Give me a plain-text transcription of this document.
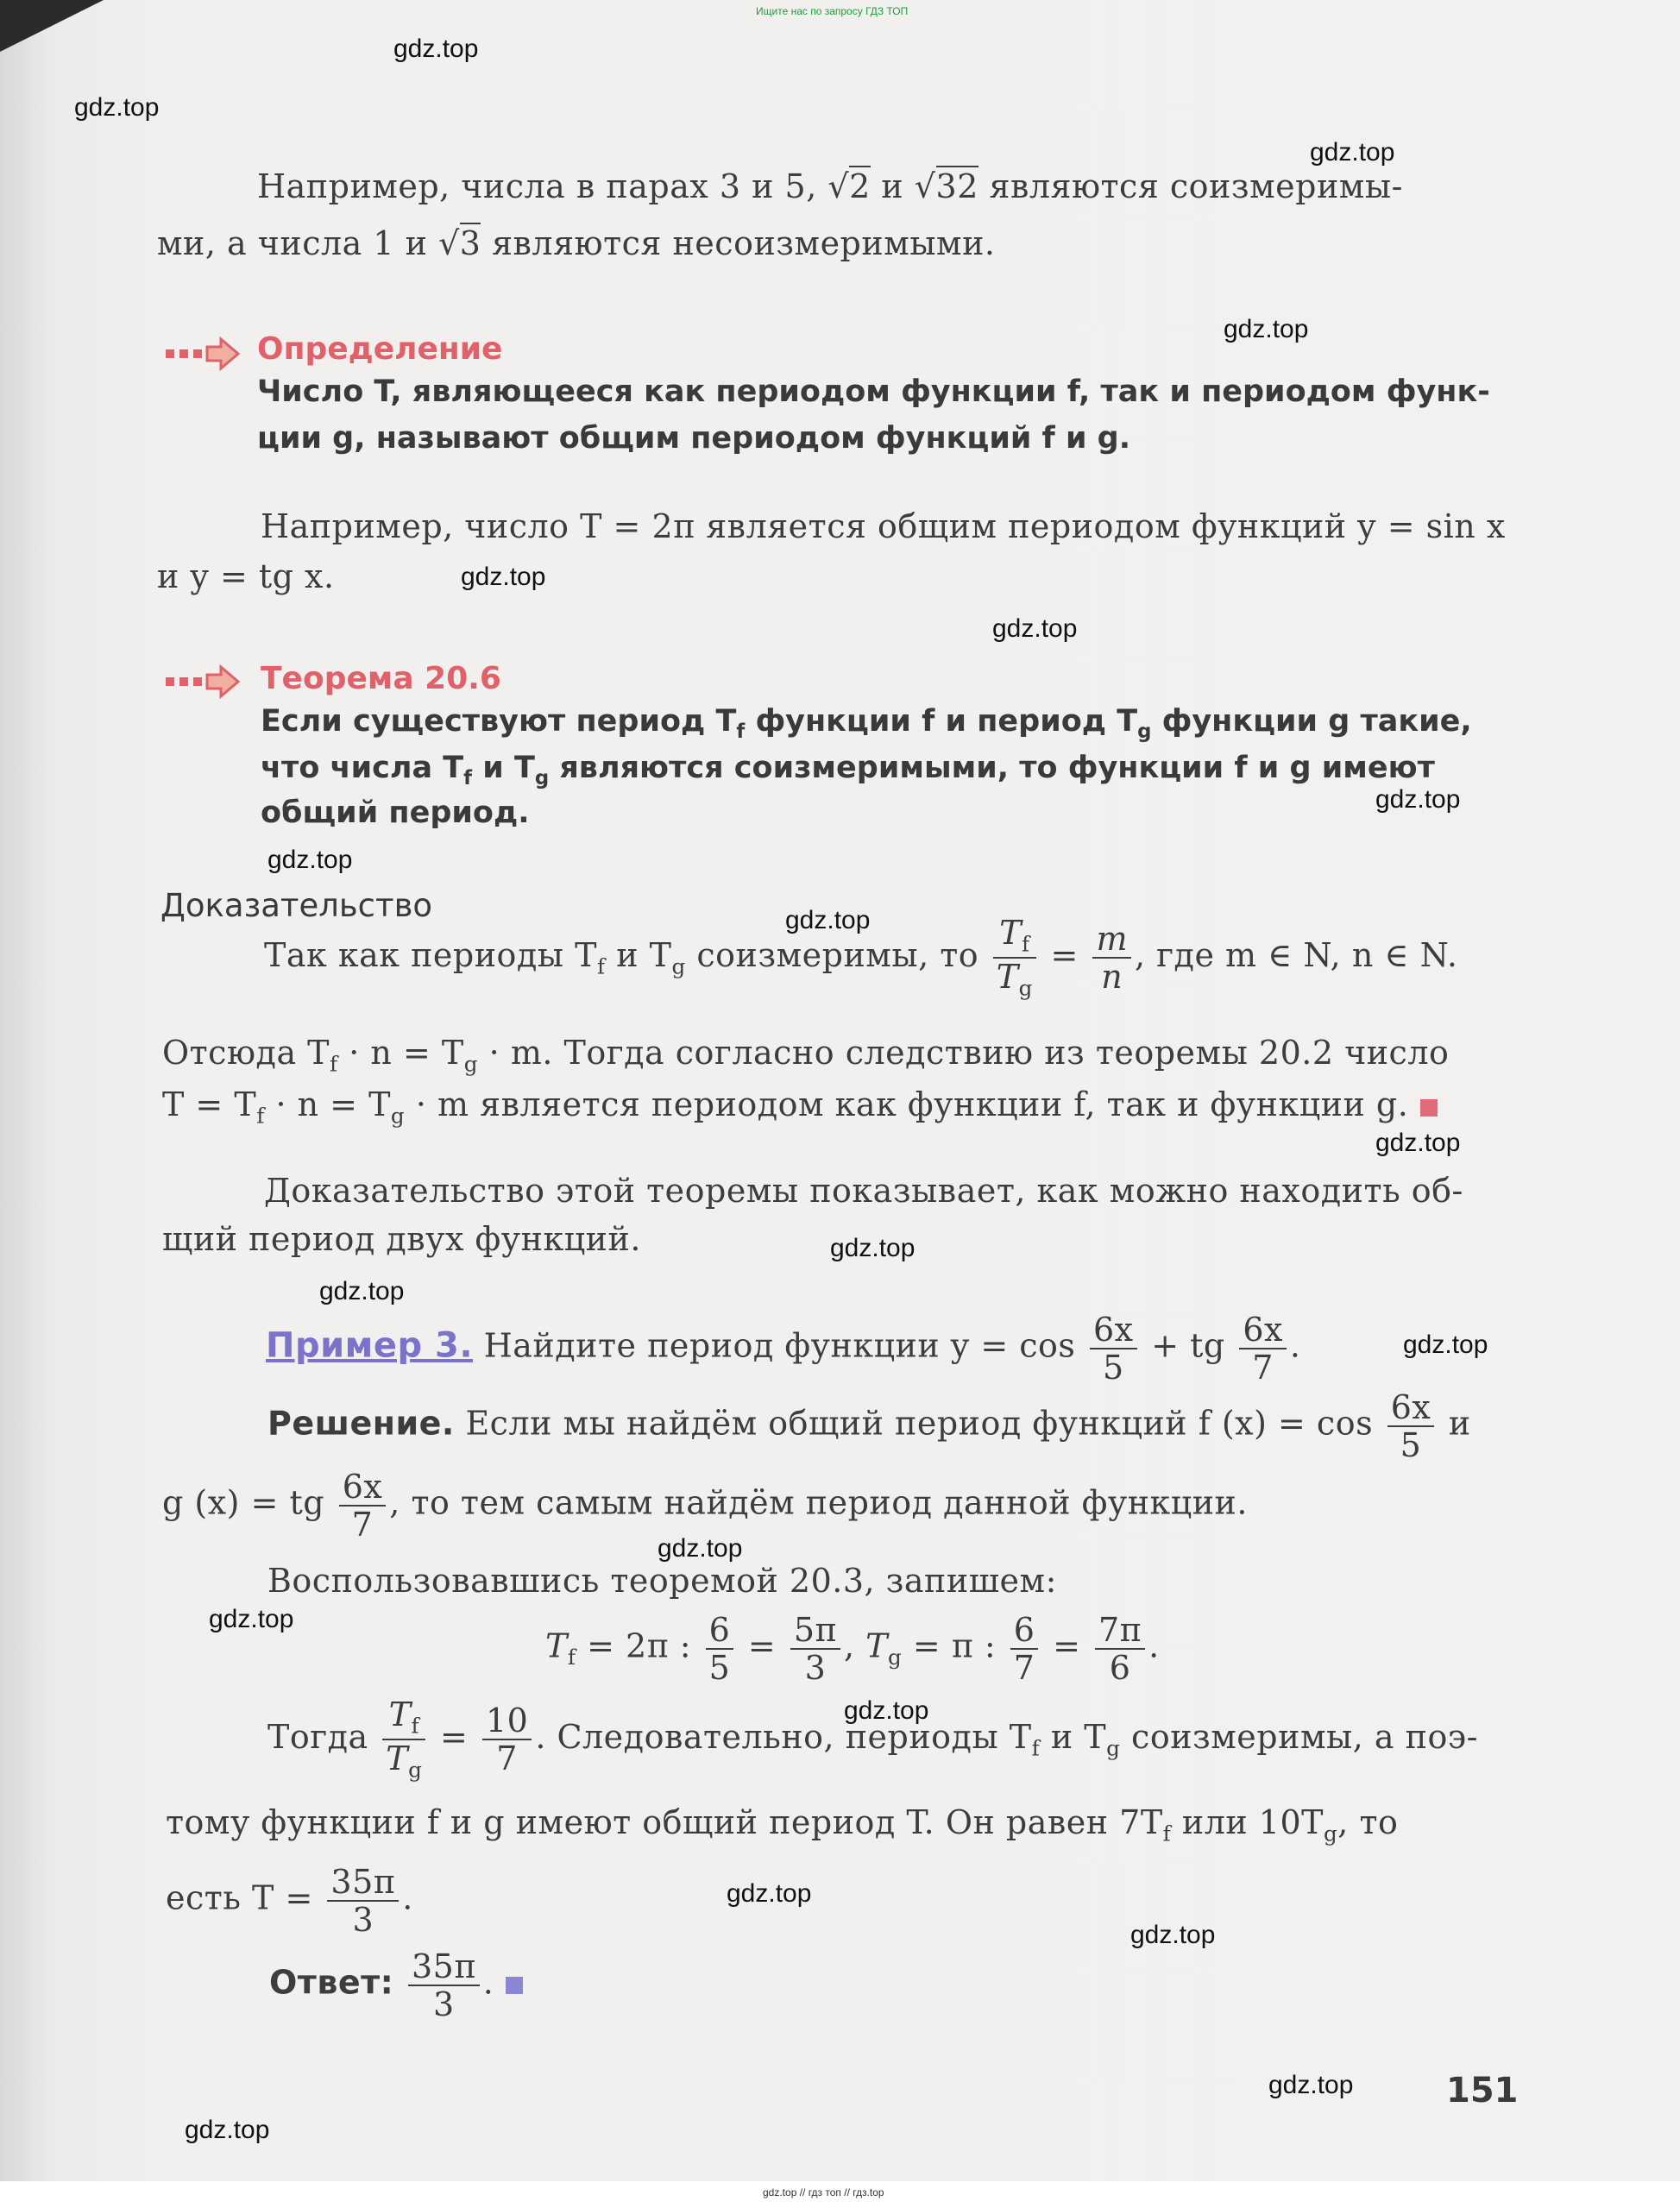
Ищите нас по запросу ГДЗ ТОП
gdz.top
gdz.top
gdz.top
gdz.top
gdz.top
gdz.top
gdz.top
gdz.top
gdz.top
gdz.top
gdz.top
gdz.top
gdz.top
gdz.top
gdz.top
gdz.top
gdz.top
gdz.top
gdz.top
gdz.top
Например, числа в парах 3 и 5, √2 и √32 являются соизмеримы-
ми, а числа 1 и √3 являются несоизмеримыми.
Определение
Число T, являющееся как периодом функции f, так и периодом функ-
ции g, называют общим периодом функций f и g.
Например, число T = 2π является общим периодом функций y = sin x
и y = tg x.
Теорема 20.6
Если существуют период $T_f$ функции f и период $T_g$ функции g такие,
что числа $T_f$ и $T_g$ являются соизмеримыми, то функции f и g имеют
общий период.
Доказательство
Так как периоды $T_f$ и $T_g$ соизмеримы, то $\frac{T_f}{T_g} = \frac{m}{n}$ , где m ∈ N, n ∈ N.
Отсюда $T_f \cdot n = T_g \cdot m$. Тогда согласно следствию из теоремы 20.2 число
$T = T_f \cdot n = T_g \cdot m$ является периодом как функции f, так и функции g.
Доказательство этой теоремы показывает, как можно находить об-
щий период двух функций.
Пример 3. Найдите период функции $y = \cos \frac{6x}{5}$ + tg $\frac{6x}{7}$ .
Решение. Если мы найдём общий период функций f $(x) = \cos \frac{6x}{5}$ и
g (x) = tg $\frac{6x}{7}$ , то тем самым найдём период данной функции.
Воспользовавшись теоремой 20.3, запишем:
$T_f = 2\pi$ : $\frac{6}{5} = \frac{5\pi}{3}$ , $T_g = \pi$ : $\frac{6}{7} = \frac{7\pi}{6}$ .
Тогда $\frac{T_f}{T_g} = \frac{10}{7}$ . Следовательно, периоды $T_f$ и $T_g$ соизмеримы, а поэ-
тому функции f и g имеют общий период T. Он равен $7T_f$ или $10T_g$, то
есть $T = \frac{35\pi}{3}$ .
Ответ: $\frac{35\pi}{3}$ .
151
gdz.top // гдз топ // гдз.top
